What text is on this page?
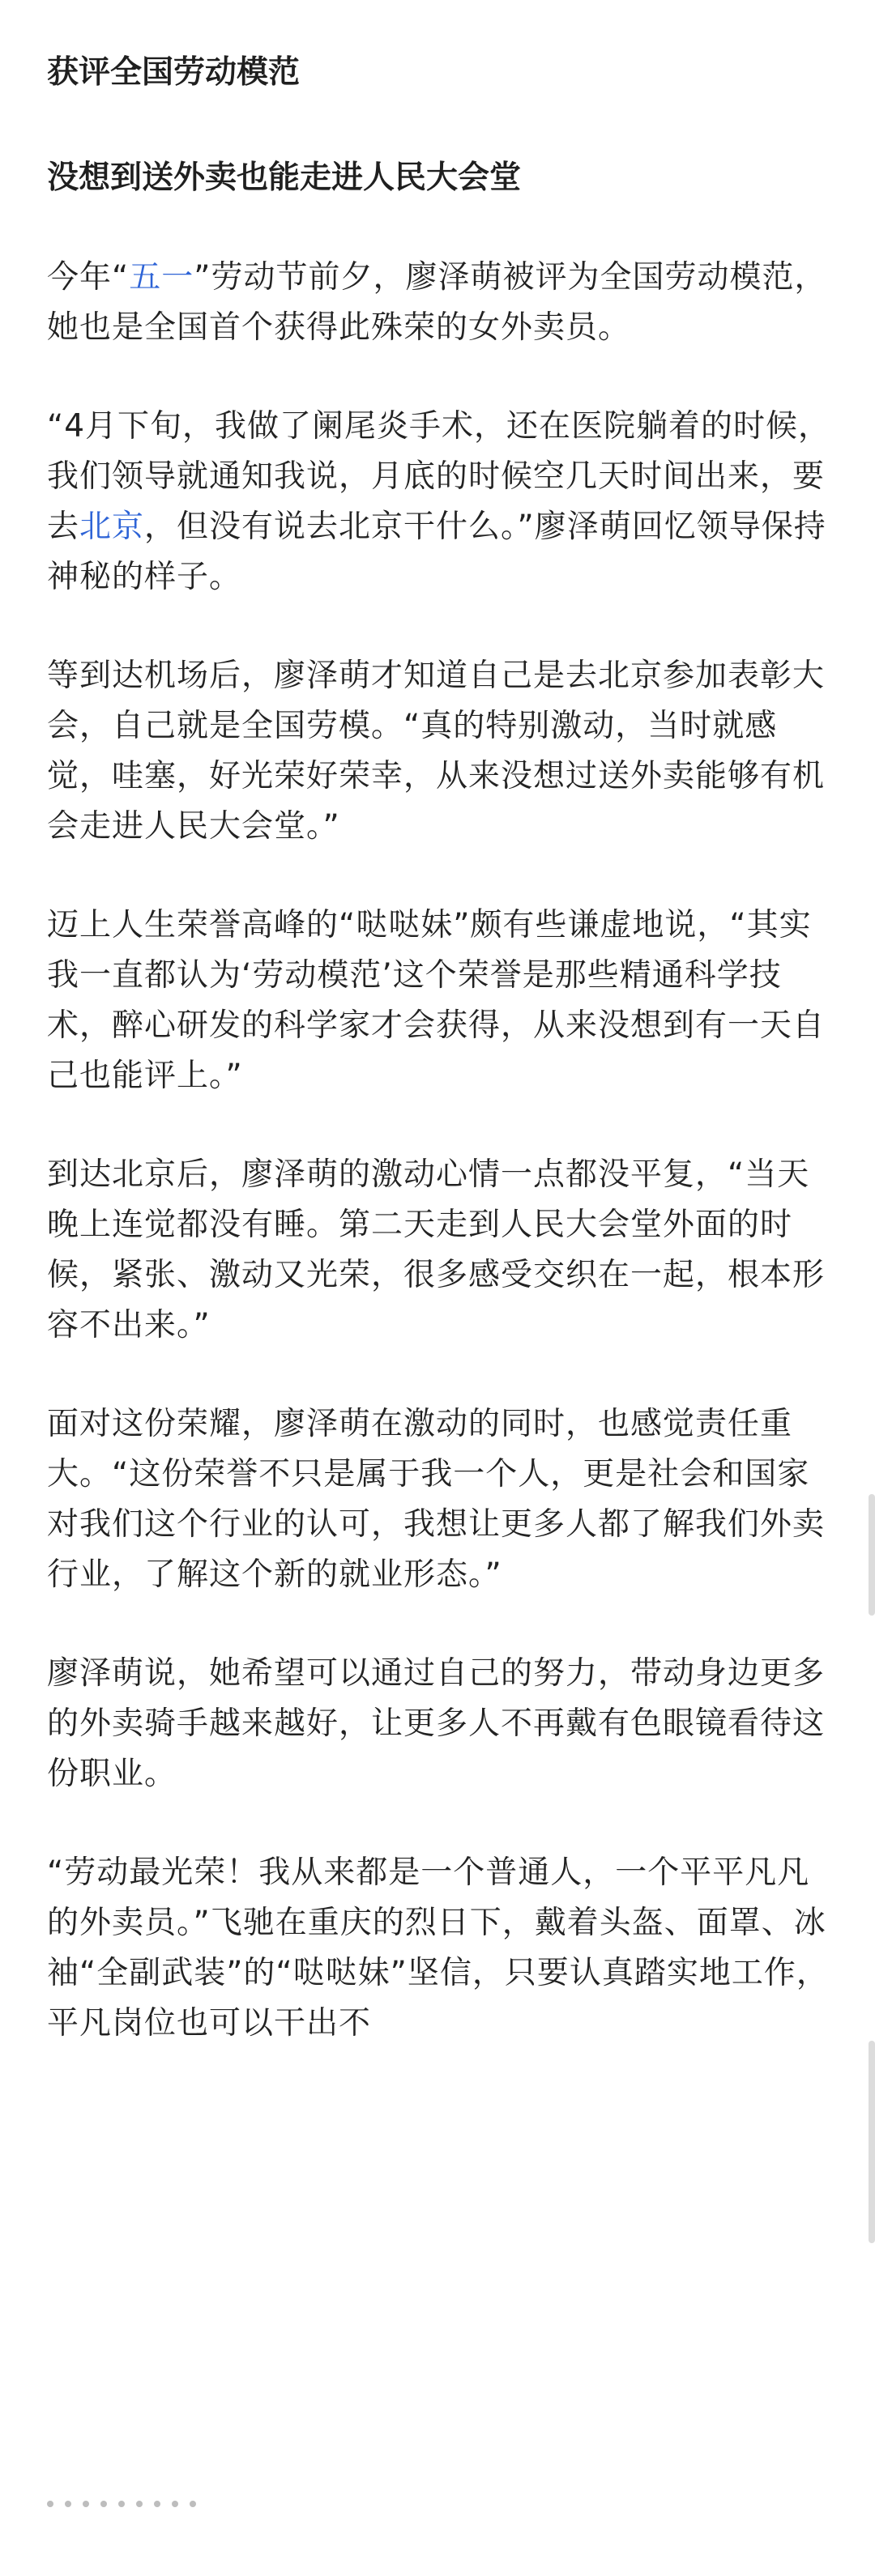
获评全国劳动模范
没想到送外卖也能走进人民大会堂

今年“五一”劳动节前夕，廖泽萌被评为全国劳动模范，她也是全国首个获得此殊荣的女外卖员。

“4月下旬，我做了阑尾炎手术，还在医院躺着的时候，我们领导就通知我说，月底的时候空几天时间出来，要去北京，但没有说去北京干什么。”廖泽萌回忆领导保持神秘的样子。

等到达机场后，廖泽萌才知道自己是去北京参加表彰大会，自己就是全国劳模。“真的特别激动，当时就感觉，哇塞，好光荣好荣幸，从来没想过送外卖能够有机会走进人民大会堂。”

迈上人生荣誉高峰的“哒哒妹”颇有些谦虚地说，“其实我一直都认为‘劳动模范’这个荣誉是那些精通科学技术，醉心研发的科学家才会获得，从来没想到有一天自己也能评上。”

到达北京后，廖泽萌的激动心情一点都没平复，“当天晚上连觉都没有睡。第二天走到人民大会堂外面的时候，紧张、激动又光荣，很多感受交织在一起，根本形容不出来。”

面对这份荣耀，廖泽萌在激动的同时，也感觉责任重大。“这份荣誉不只是属于我一个人，更是社会和国家对我们这个行业的认可，我想让更多人都了解我们外卖行业，了解这个新的就业形态。”

廖泽萌说，她希望可以通过自己的努力，带动身边更多的外卖骑手越来越好，让更多人不再戴有色眼镜看待这份职业。

“劳动最光荣！我从来都是一个普通人，一个平平凡凡的外卖员。”飞驰在重庆的烈日下，戴着头盔、面罩、冰袖“全副武装”的“哒哒妹”坚信，只要认真踏实地工作，平凡岗位也可以干出不
